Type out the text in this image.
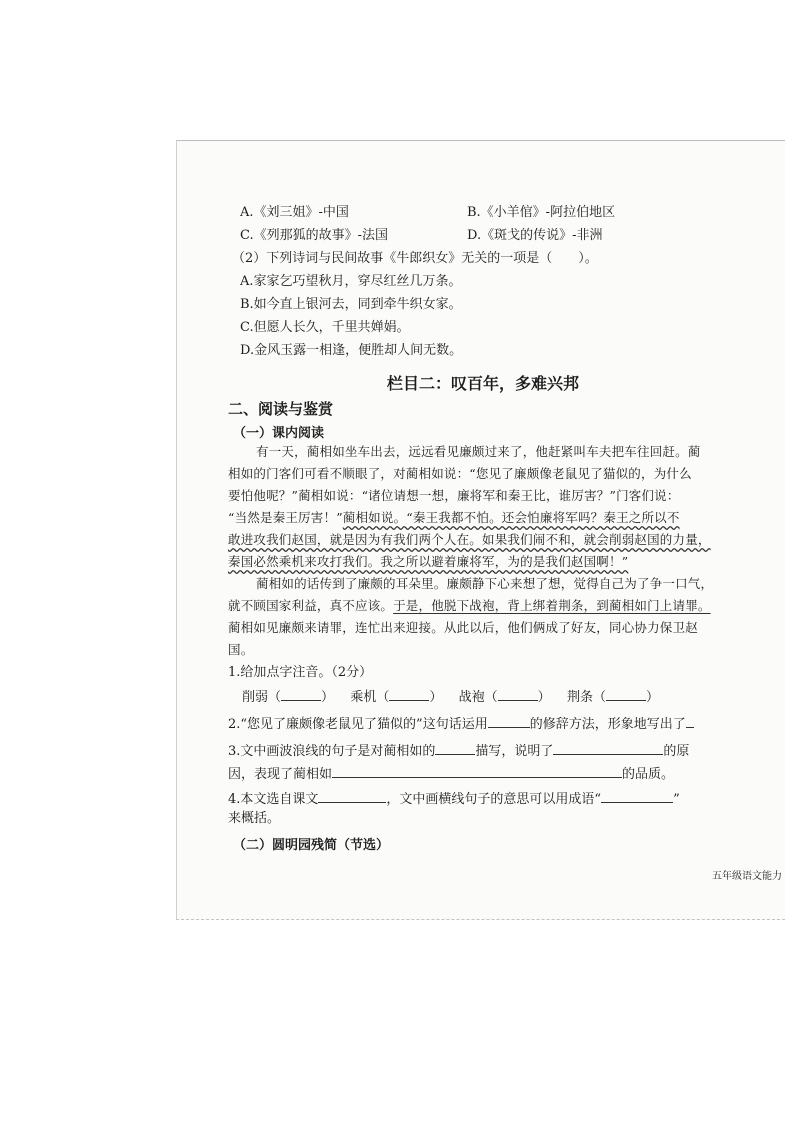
A.《刘三姐》-中国	B.《小羊倌》-阿拉伯地区
C.《列那狐的故事》-法国	D.《斑戈的传说》-非洲
（2）下列诗词与民间故事《牛郎织女》无关的一项是（　　）。
A.家家乞巧望秋月，穿尽红丝几万条。
B.如今直上银河去，同到牵牛织女家。
C.但愿人长久，千里共婵娟。
D.金风玉露一相逢，便胜却人间无数。
栏目二：叹百年，多难兴邦
二、阅读与鉴赏
（一）课内阅读
有一天，蔺相如坐车出去，远远看见廉颇过来了，他赶紧叫车夫把车往回赶。蔺
相如的门客们可看不顺眼了，对蔺相如说：“您见了廉颇像老鼠见了猫似的，为什么
要怕他呢？”蔺相如说：“诸位请想一想，廉将军和秦王比，谁厉害？”门客们说：
“当然是秦王厉害！”蔺相如说。“秦王我都不怕。还会怕廉将军吗？秦王之所以不
敢进攻我们赵国，就是因为有我们两个人在。如果我们闹不和，就会削弱赵国的力量，
秦国必然乘机来攻打我们。我之所以避着廉将军，为的是我们赵国啊！”
蔺相如的话传到了廉颇的耳朵里。廉颇静下心来想了想，觉得自己为了争一口气，
就不顾国家利益，真不应该。于是，他脱下战袍，背上绑着荆条，到蔺相如门上请罪。
蔺相如见廉颇来请罪，连忙出来迎接。从此以后，他们俩成了好友，同心协力保卫赵
国。
1.给加点字注音。（2分）
削弱（	） 乘机（	） 战袍（	） 荆条（	）
2.“您见了廉颇像老鼠见了猫似的”这句话运用	的修辞方法，形象地写出了
3.文中画波浪线的句子是对蔺相如的	描写，说明了	的原
因，表现了蔺相如	的品质。
4.本文选自课文	，文中画横线句子的意思可以用成语“	”
来概括。
（二）圆明园残简（节选）
五年级语文能力
